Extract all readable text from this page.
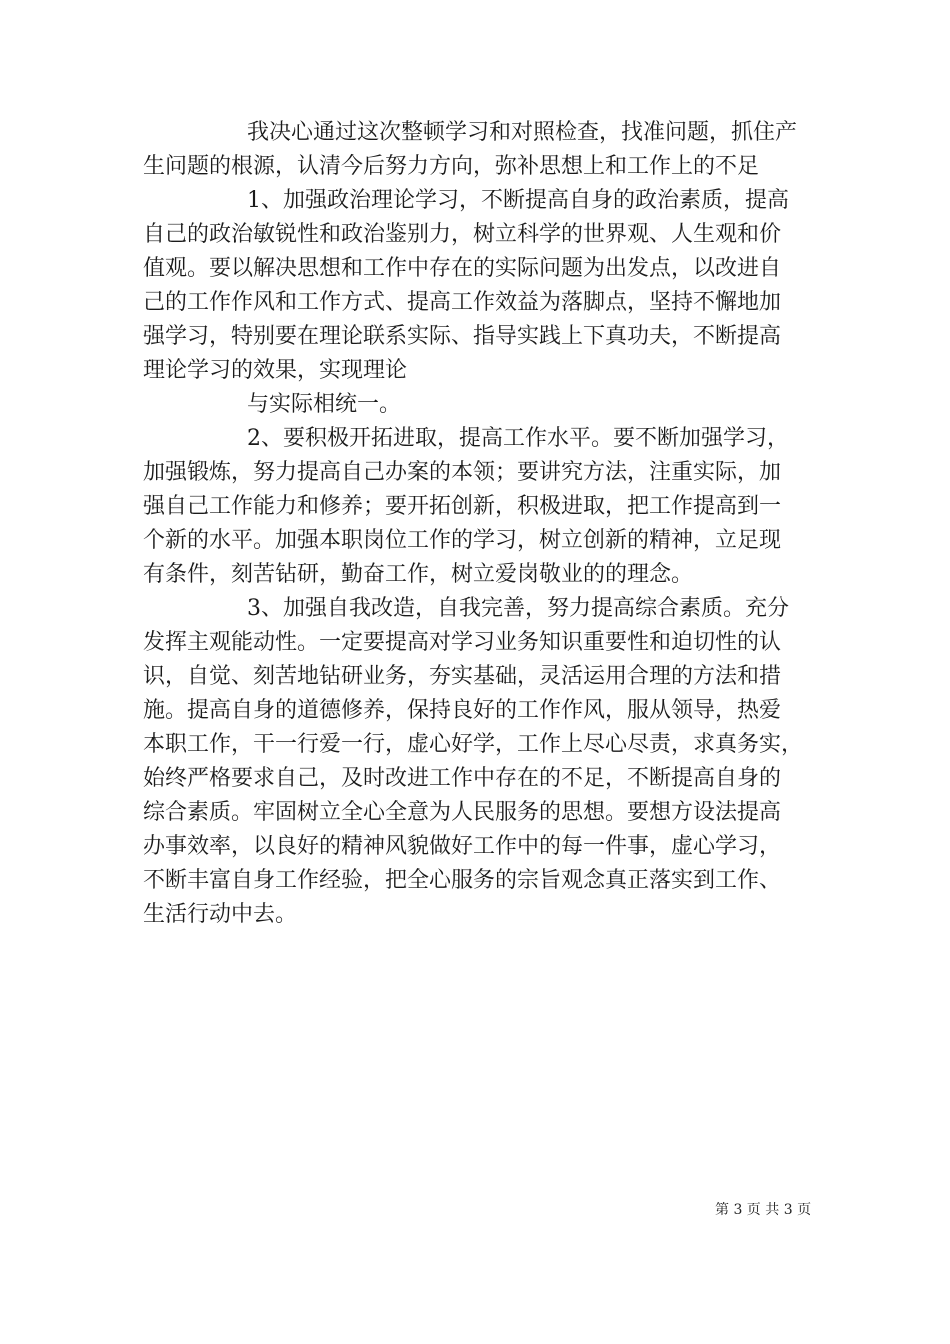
我决心通过这次整顿学习和对照检查，找准问题，抓住产
生问题的根源，认清今后努力方向，弥补思想上和工作上的不足
1、加强政治理论学习，不断提高自身的政治素质，提高
自己的政治敏锐性和政治鉴别力，树立科学的世界观、人生观和价
值观。要以解决思想和工作中存在的实际问题为出发点，以改进自
己的工作作风和工作方式、提高工作效益为落脚点，坚持不懈地加
强学习，特别要在理论联系实际、指导实践上下真功夫，不断提高
理论学习的效果，实现理论
与实际相统一。
2、要积极开拓进取，提高工作水平。要不断加强学习，
加强锻炼，努力提高自己办案的本领；要讲究方法，注重实际，加
强自己工作能力和修养；要开拓创新，积极进取，把工作提高到一
个新的水平。加强本职岗位工作的学习，树立创新的精神，立足现
有条件，刻苦钻研，勤奋工作，树立爱岗敬业的的理念。
3、加强自我改造，自我完善，努力提高综合素质。充分
发挥主观能动性。一定要提高对学习业务知识重要性和迫切性的认
识，自觉、刻苦地钻研业务，夯实基础，灵活运用合理的方法和措
施。提高自身的道德修养，保持良好的工作作风，服从领导，热爱
本职工作，干一行爱一行，虚心好学，工作上尽心尽责，求真务实，
始终严格要求自己，及时改进工作中存在的不足，不断提高自身的
综合素质。牢固树立全心全意为人民服务的思想。要想方设法提高
办事效率，以良好的精神风貌做好工作中的每一件事，虚心学习，
不断丰富自身工作经验，把全心服务的宗旨观念真正落实到工作、
生活行动中去。
第 3 页 共 3 页
